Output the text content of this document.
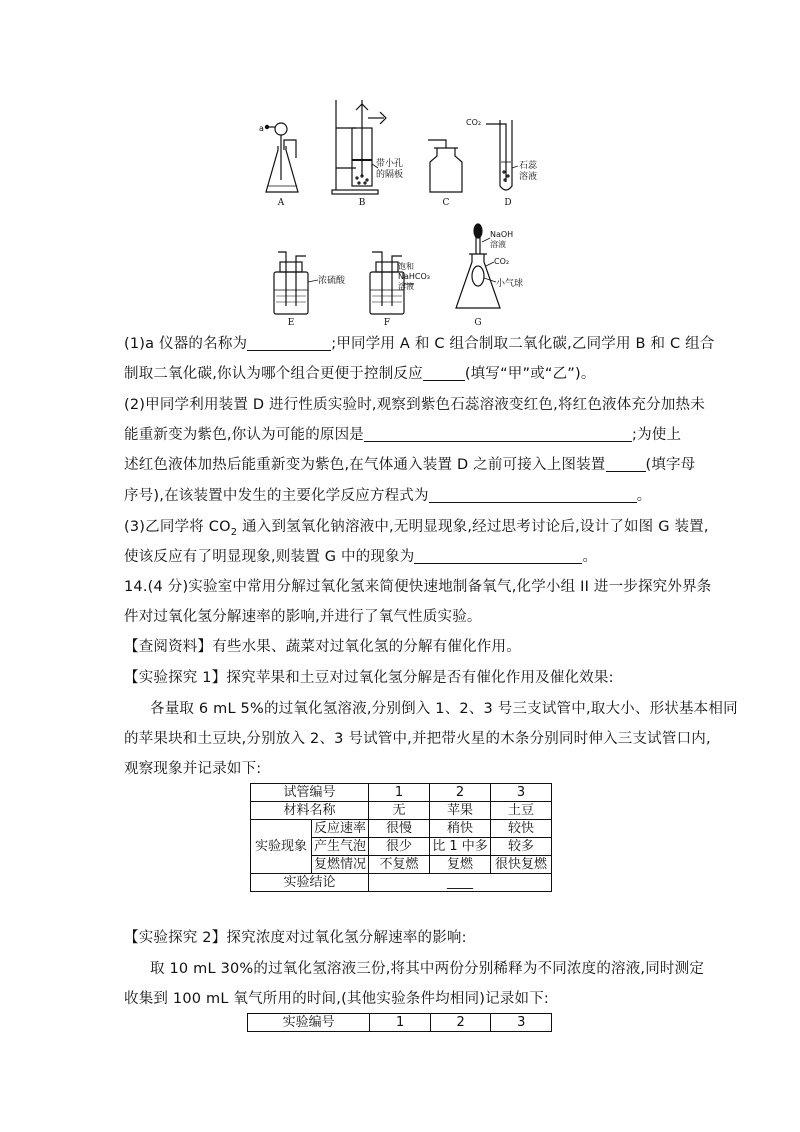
A	B	C	D
E	F	G
a
带小孔
的隔板
CO₂
石蕊
溶液
浓硫酸
饱和
NaHCO₃
溶液
NaOH
溶液
CO₂
小气球
(1)a 仪器的名称为	;甲同学用 A 和 C 组合制取二氧化碳,乙同学用 B 和 C 组合
制取二氧化碳,你认为哪个组合更便于控制反应	(填写“甲”或“乙”)。
(2)甲同学利用装置 D 进行性质实验时,观察到紫色石蕊溶液变红色,将红色液体充分加热未
能重新变为紫色,你认为可能的原因是	;为使上
述红色液体加热后能重新变为紫色,在气体通入装置 D 之前可接入上图装置	(填字母
序号),在该装置中发生的主要化学反应方程式为	。
(3)乙同学将 $CO_2$ 通入到氢氧化钠溶液中,无明显现象,经过思考讨论后,设计了如图 G 装置,
使该反应有了明显现象,则装置 G 中的现象为	。
14.(4 分)实验室中常用分解过氧化氢来简便快速地制备氧气,化学小组 II 进一步探究外界条
件对过氧化氢分解速率的影响,并进行了氧气性质实验。
【查阅资料】有些水果、蔬菜对过氧化氢的分解有催化作用。
【实验探究 1】探究苹果和土豆对过氧化氢分解是否有催化作用及催化效果:
各量取 6 mL 5%的过氧化氢溶液,分别倒入 1、2、3 号三支试管中,取大小、形状基本相同
的苹果块和土豆块,分别放入 2、3 号试管中,并把带火星的木条分别同时伸入三支试管口内,
观察现象并记录如下:
试管编号		1	2	3
材料名称		无	苹果	土豆
实验现象	反应速率	很慢	稍快	较快
	产生气泡	很少	比 1 中多	较多
	复燃情况	不复燃	复燃	很快复燃
实验结论		____		
【实验探究 2】探究浓度对过氧化氢分解速率的影响:
取 10 mL 30%的过氧化氢溶液三份,将其中两份分别稀释为不同浓度的溶液,同时测定
收集到 100 mL 氧气所用的时间,(其他实验条件均相同)记录如下:
实验编号	1	2	3
